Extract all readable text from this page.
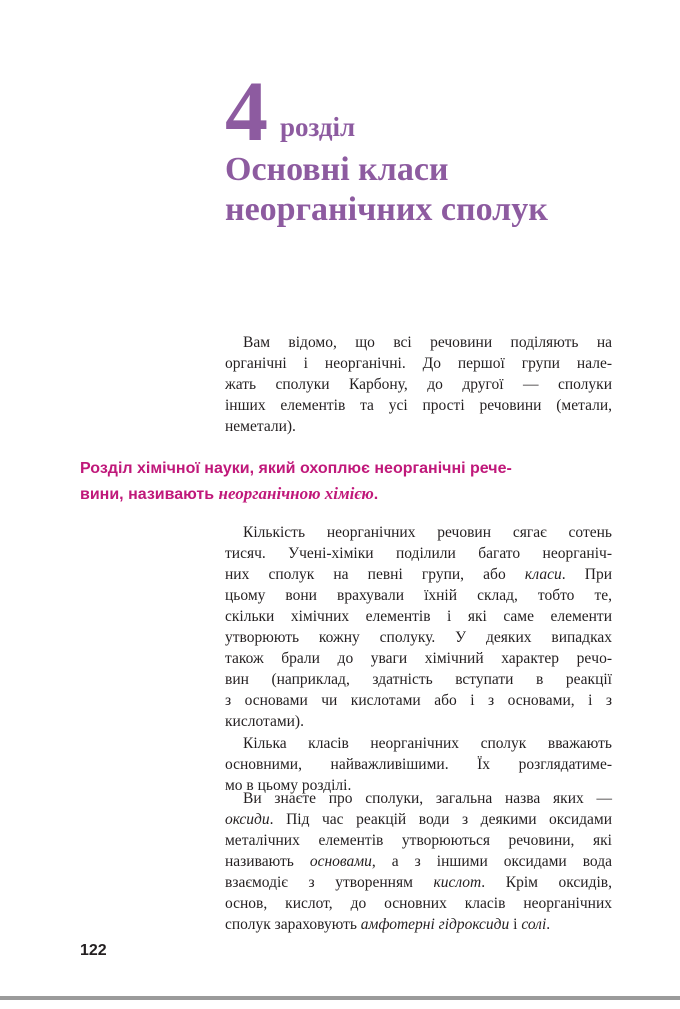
4 розділ
Основні класи
неорганічних сполук
Вам відомо, що всі речовини поділяють на
органічні і неорганічні. До першої групи нале-
жать сполуки Карбону, до другої — сполуки
інших елементів та усі прості речовини (метали,
неметали).
Розділ хімічної науки, який охоплює неорганічні рече-
вини, називають неорганічною хімією.
Кількість неорганічних речовин сягає сотень
тисяч. Учені-хіміки поділили багато неорганіч-
них сполук на певні групи, або класи. При
цьому вони врахували їхній склад, тобто те,
скільки хімічних елементів і які саме елементи
утворюють кожну сполуку. У деяких випадках
також брали до уваги хімічний характер рeчо-
вин (наприклад, здатність вступати в реакції
з основами чи кислотами або і з основами, і з
кислотами).
Кілька класів неорганічних сполук вважають
основними, найважливішими. Їх розглядатиме-
мо в цьому розділі.
Ви знаєте про сполуки, загальна назва яких —
оксиди. Під час реакцій води з деякими оксидами
металічних елементів утворюються речовини, які
називають основами, а з іншими оксидами вода
взаємодіє з утворенням кислот. Крім оксидів,
основ, кислот, до основних класів неорганічних
сполук зараховують амфотерні гідроксиди і солі.
122
